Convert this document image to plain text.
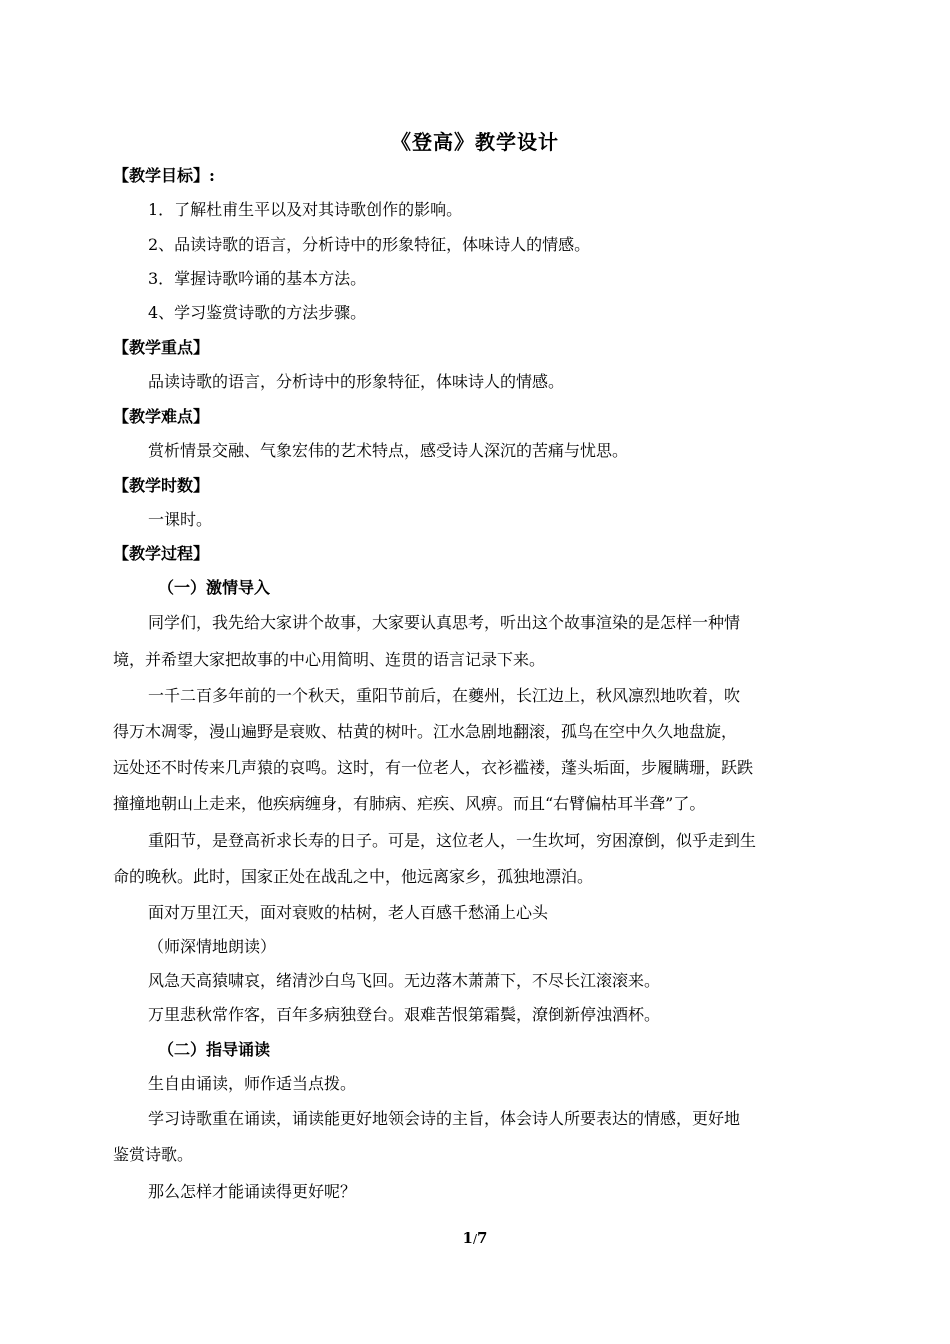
《登高》教学设计
【教学目标】:
1．了解杜甫生平以及对其诗歌创作的影响。
2、品读诗歌的语言，分析诗中的形象特征，体味诗人的情感。
3．掌握诗歌吟诵的基本方法。
4、学习鉴赏诗歌的方法步骤。
【教学重点】
品读诗歌的语言，分析诗中的形象特征，体味诗人的情感。
【教学难点】
赏析情景交融、气象宏伟的艺术特点，感受诗人深沉的苦痛与忧思。
【教学时数】
一课时。
【教学过程】
（一）激情导入
同学们，我先给大家讲个故事，大家要认真思考，听出这个故事渲染的是怎样一种情
境，并希望大家把故事的中心用简明、连贯的语言记录下来。
一千二百多年前的一个秋天，重阳节前后，在夔州，长江边上，秋风凛烈地吹着，吹
得万木凋零，漫山遍野是衰败、枯黄的树叶。江水急剧地翻滚，孤鸟在空中久久地盘旋，
远处还不时传来几声猿的哀鸣。这时，有一位老人，衣衫褴褛，蓬头垢面，步履瞒珊，跃跌
撞撞地朝山上走来，他疾病缠身，有肺病、疟疾、风痹。而且“右臂偏枯耳半聋”了。
重阳节，是登高祈求长寿的日子。可是，这位老人，一生坎坷，穷困潦倒，似乎走到生
命的晚秋。此时，国家正处在战乱之中，他远离家乡，孤独地漂泊。
面对万里江天，面对衰败的枯树，老人百感千愁涌上心头
（师深情地朗读）
风急天高猿啸哀，绪清沙白鸟飞回。无边落木萧萧下，不尽长江滚滚来。
万里悲秋常作客，百年多病独登台。艰难苦恨第霜鬓，潦倒新停浊酒杯。
（二）指导诵读
生自由诵读，师作适当点拨。
学习诗歌重在诵读，诵读能更好地领会诗的主旨，体会诗人所要表达的情感，更好地
鉴赏诗歌。
那么怎样才能诵读得更好呢？
1/7
